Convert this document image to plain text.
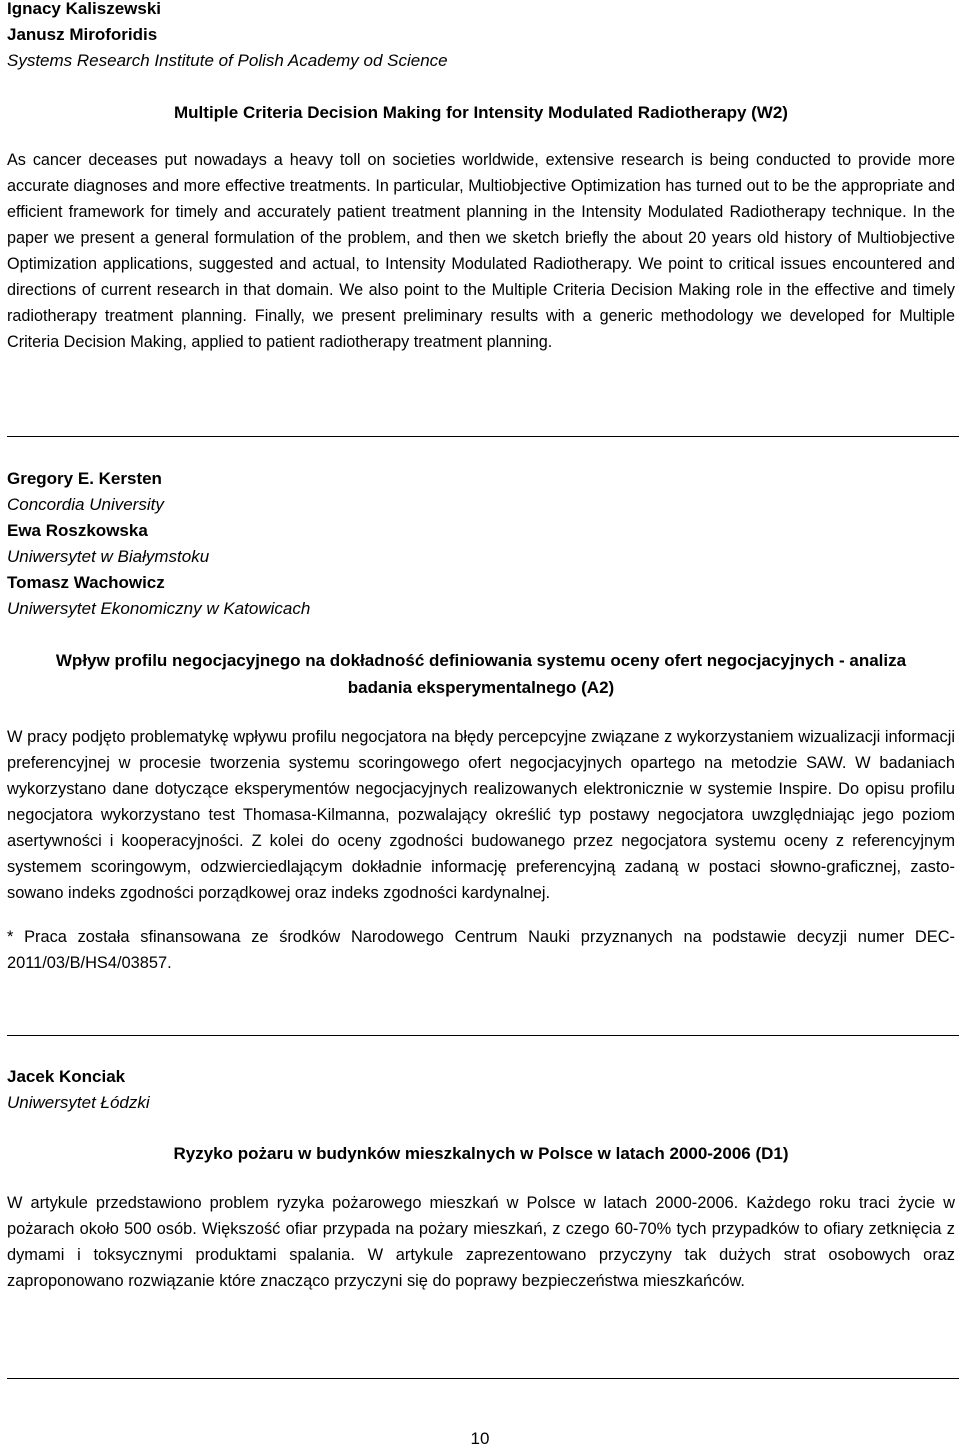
Ignacy Kaliszewski
Janusz Miroforidis
Systems Research Institute of Polish Academy od Science
Multiple Criteria Decision Making for Intensity Modulated Radiotherapy (W2)
As cancer deceases put nowadays a heavy toll on societies worldwide, extensive research is being conducted to provide more accurate diagnoses and more effective treatments. In particular, Multiobjective Optimization has turned out to be the appropriate and efficient framework for timely and accurately patient treatment planning in the Intensity Modulated Radiotherapy technique. In the paper we present a general formulation of the problem, and then we sketch briefly the about 20 years old history of Multiobjective Optimization applications, suggested and actual, to Intensity Modulated Radiotherapy. We point to critical issues encountered and directions of current research in that domain. We also point to the Multiple Criteria Decision Making role in the effective and timely radiotherapy treatment planning. Finally, we present preliminary results with a generic methodology we developed for Multiple Criteria Decision Making, applied to patient radiotherapy treatment planning.
Gregory E. Kersten
Concordia University
Ewa Roszkowska
Uniwersytet w Białymstoku
Tomasz Wachowicz
Uniwersytet Ekonomiczny w Katowicach
Wpływ profilu negocjacyjnego na dokładność definiowania systemu oceny ofert negocjacyjnych - analiza badania eksperymentalnego (A2)
W pracy podjęto problematykę wpływu profilu negocjatora na błędy percepcyjne związane z wykorzystaniem wizualizacji informacji preferencyjnej w procesie tworzenia systemu scoringowego ofert negocjacyjnych opartego na metodzie SAW. W badaniach wykorzystano dane dotyczące eksperymentów negocjacyjnych realizowanych elektronicznie w systemie Inspire. Do opisu profilu negocjatora wykorzystano test Thomasa-Kilmanna, pozwalający określić typ postawy negocjatora uwzględniając jego poziom asertywności i kooperacyjności. Z kolei do oceny zgodności budowanego przez negocjatora systemu oceny z referencyjnym systemem scoringowym, odzwierciedlającym dokładnie informację preferencyjną zadaną w postaci słowno-graficznej, zastosowano indeks zgodności porządkowej oraz indeks zgodności kardynalnej.
* Praca została sfinansowana ze środków Narodowego Centrum Nauki przyznanych na podstawie decyzji numer DEC-2011/03/B/HS4/03857.
Jacek Konciak
Uniwersytet Łódzki
Ryzyko pożaru w budynków mieszkalnych w Polsce w latach 2000-2006 (D1)
W artykule przedstawiono problem ryzyka pożarowego mieszkań w Polsce w latach 2000-2006. Każdego roku traci życie w pożarach około 500 osób. Większość ofiar przypada na pożary mieszkań, z czego 60-70% tych przypadków to ofiary zetknięcia z dymami i toksycznymi produktami spalania. W artykule zaprezentowano przyczyny tak dużych strat osobowych oraz zaproponowano rozwiązanie które znacząco przyczyni się do poprawy bezpieczeństwa mieszkańców.
10
